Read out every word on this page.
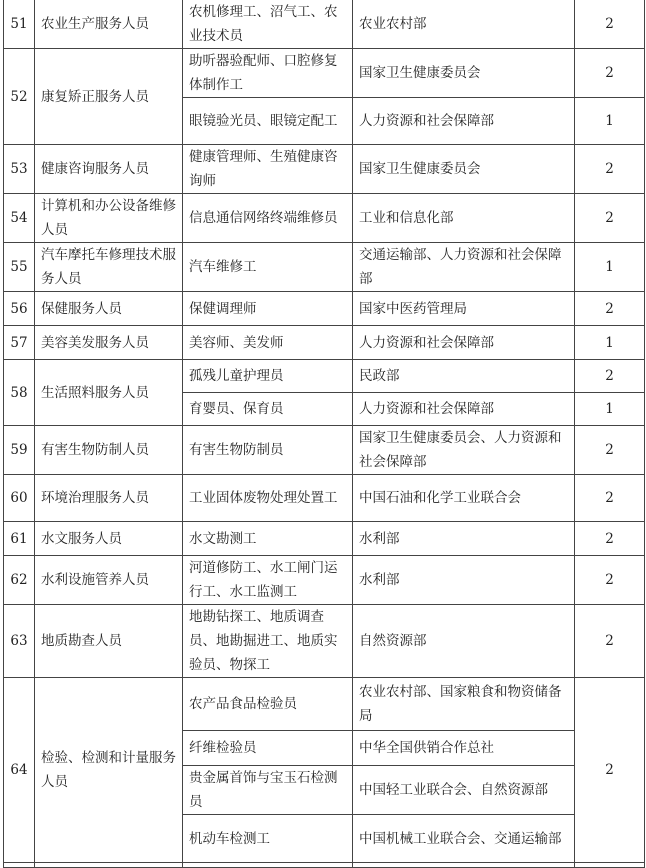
51	农业生产服务人员	农机修理工、沼气工、农业技术员	农业农村部	2
52	康复矫正服务人员	助听器验配师、口腔修复体制作工	国家卫生健康委员会	2
		眼镜验光员、眼镜定配工	人力资源和社会保障部	1
53	健康咨询服务人员	健康管理师、生殖健康咨询师	国家卫生健康委员会	2
54	计算机和办公设备维修人员	信息通信网络终端维修员	工业和信息化部	2
55	汽车摩托车修理技术服务人员	汽车维修工	交通运输部、人力资源和社会保障部	1
56	保健服务人员	保健调理师	国家中医药管理局	2
57	美容美发服务人员	美容师、美发师	人力资源和社会保障部	1
58	生活照料服务人员	孤残儿童护理员	民政部	2
		育婴员、保育员	人力资源和社会保障部	1
59	有害生物防制人员	有害生物防制员	国家卫生健康委员会、人力资源和社会保障部	2
60	环境治理服务人员	工业固体废物处理处置工	中国石油和化学工业联合会	2
61	水文服务人员	水文勘测工	水利部	2
62	水利设施管养人员	河道修防工、水工闸门运行工、水工监测工	水利部	2
63	地质勘查人员	地勘钻探工、地质调查员、地勘掘进工、地质实验员、物探工	自然资源部	2
64	检验、检测和计量服务人员	农产品食品检验员	农业农村部、国家粮食和物资储备局	2
		纤维检验员	中华全国供销合作总社	
		贵金属首饰与宝玉石检测员	中国轻工业联合会、自然资源部	
		机动车检测工	中国机械工业联合会、交通运输部	
